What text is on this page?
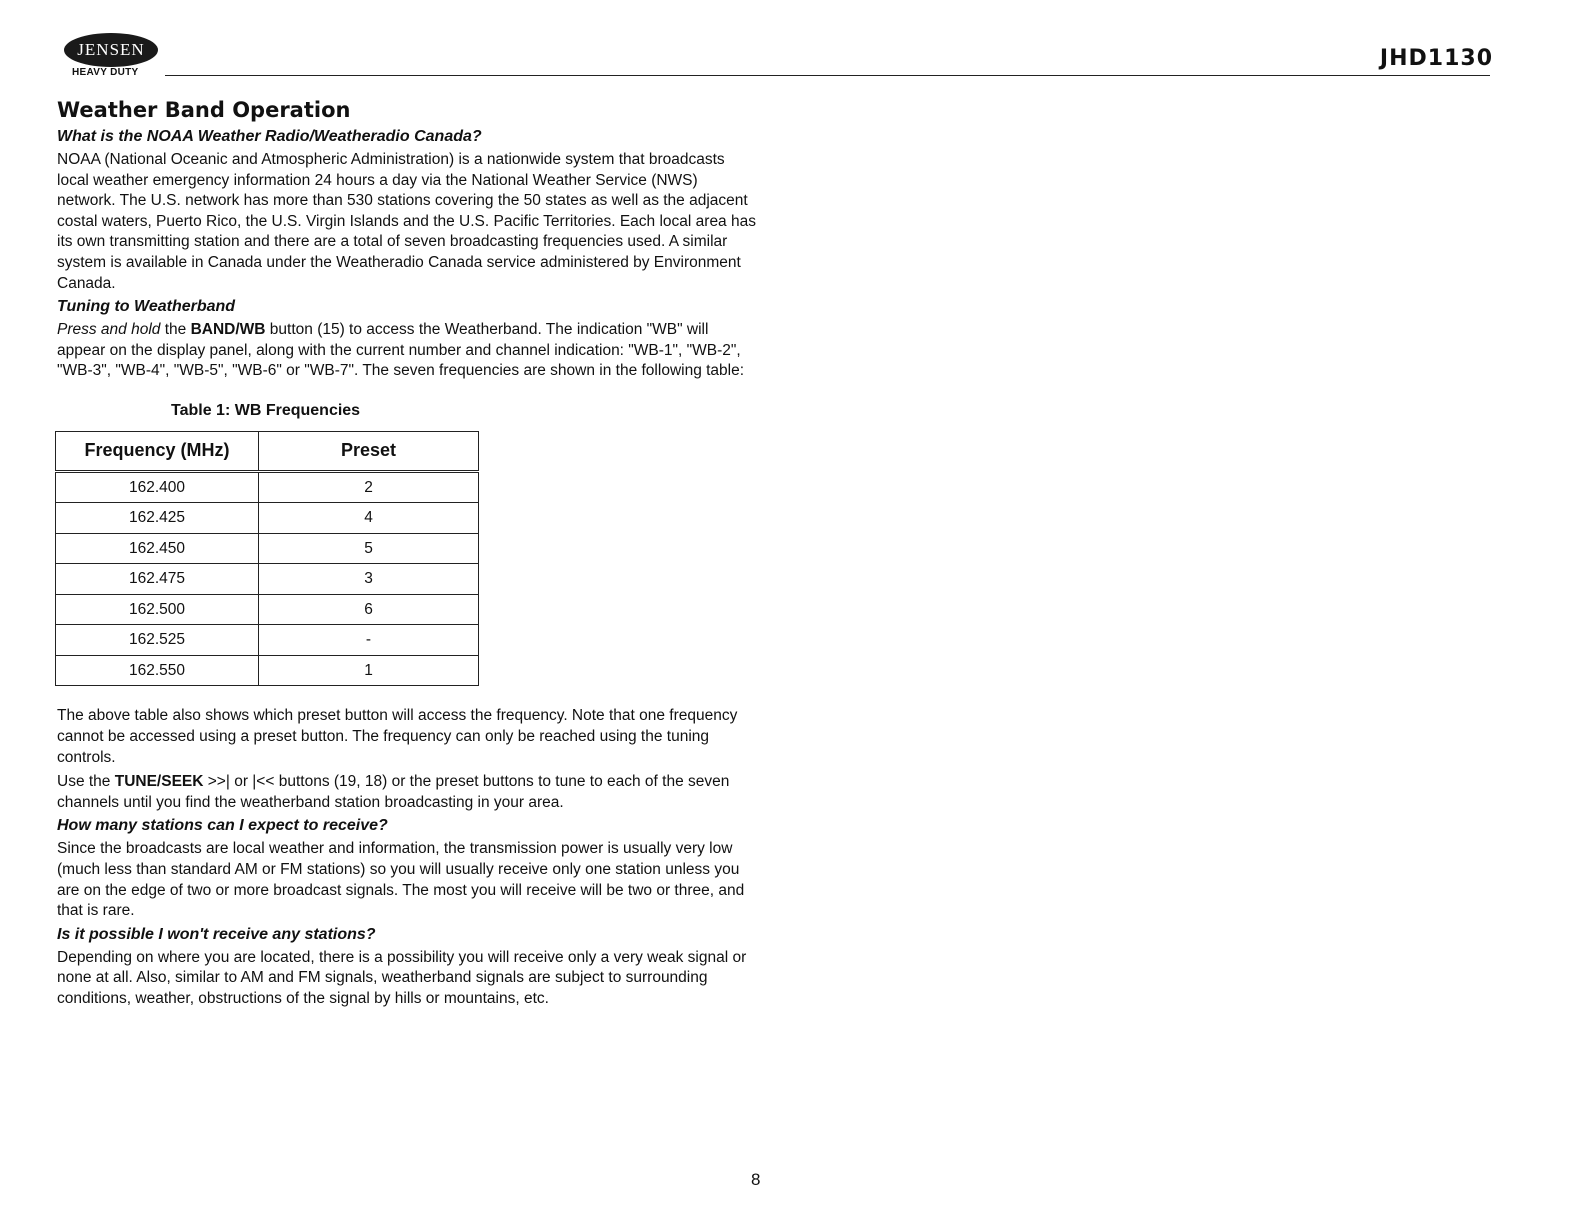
JENSEN
HEAVY DUTY
JHD1130
Weather Band Operation
What is the NOAA Weather Radio/Weatheradio Canada?

NOAA (National Oceanic and Atmospheric Administration) is a nationwide system that broadcasts local weather emergency information 24 hours a day via the National Weather Service (NWS) network. The U.S. network has more than 530 stations covering the 50 states as well as the adjacent costal waters, Puerto Rico, the U.S. Virgin Islands and the U.S. Pacific Territories. Each local area has its own transmitting station and there are a total of seven broadcasting frequencies used. A similar system is available in Canada under the Weatheradio Canada service administered by Environment Canada.

Tuning to Weatherband

Press and hold the BAND/WB button (15) to access the Weatherband. The indication "WB" will appear on the display panel, along with the current number and channel indication: "WB-1", "WB-2", "WB-3", "WB-4", "WB-5", "WB-6" or "WB-7". The seven frequencies are shown in the following table:

Table 1: WB Frequencies
Frequency (MHz)	Preset
162.400	2
162.425	4
162.450	5
162.475	3
162.500	6
162.525	-
162.550	1

The above table also shows which preset button will access the frequency. Note that one frequency cannot be accessed using a preset button. The frequency can only be reached using the tuning controls.

Use the TUNE/SEEK >>| or |<< buttons (19, 18) or the preset buttons to tune to each of the seven channels until you find the weatherband station broadcasting in your area.

How many stations can I expect to receive?

Since the broadcasts are local weather and information, the transmission power is usually very low (much less than standard AM or FM stations) so you will usually receive only one station unless you are on the edge of two or more broadcast signals. The most you will receive will be two or three, and that is rare.

Is it possible I won't receive any stations?

Depending on where you are located, there is a possibility you will receive only a very weak signal or none at all. Also, similar to AM and FM signals, weatherband signals are subject to surrounding conditions, weather, obstructions of the signal by hills or mountains, etc.

8
